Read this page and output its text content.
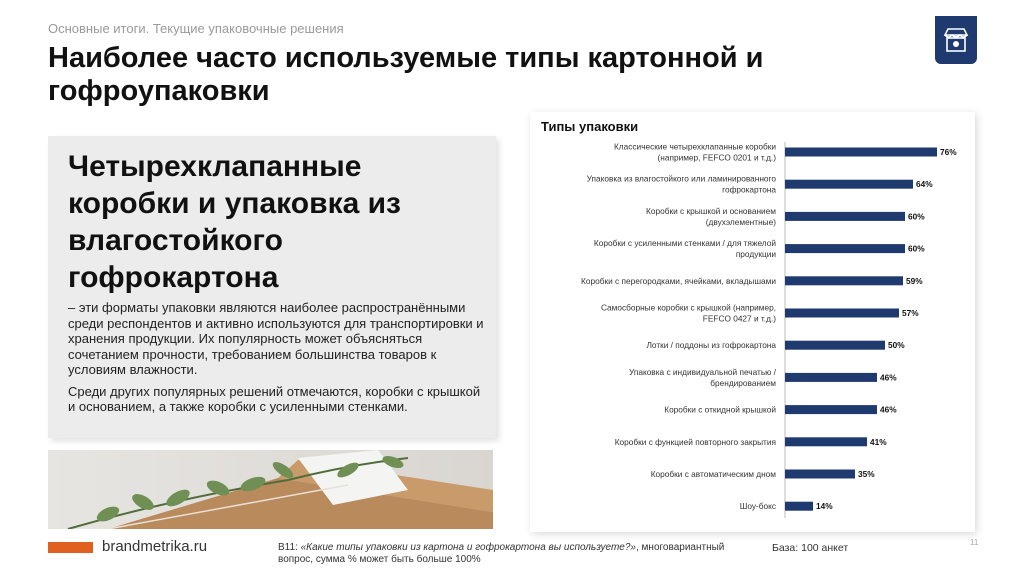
Основные итоги. Текущие упаковочные решения
Наиболее часто используемые типы картонной и гофроупаковки
Четырехклапанные коробки и упаковка из влагостойкого гофрокартона

– эти форматы упаковки являются наиболее распространёнными среди респондентов и активно используются для транспортировки и хранения продукции. Их популярность может объясняться сочетанием прочности, требованием большинства товаров к условиям влажности.

Среди других популярных решений отмечаются, коробки с крышкой и основанием, а также коробки с усиленными стенками.

brandmetrika.ru	B11: «Какие типы упаковки из картона и гофрокартона вы используете?», многовариантный вопрос, сумма % может быть больше 100%
База: 100 анкет	11
Типы упаковки
Классические четырехклапанные коробки
(например, FEFCO 0201 и т.д.)
76%
Упаковка из влагостойкого или ламинированного
гофрокартона
64%
Коробки с крышкой и основанием
(двухэлементные)
60%
Коробки с усиленными стенками / для тяжелой
продукции
60%
Коробки с перегородками, ячейками, вкладышами	59%
Самосборные коробки с крышкой (например,
FEFCO 0427 и т.д.)
57%
Лотки / поддоны из гофрокартона	50%
Упаковка с индивидуальной печатью /
брендированием
46%
Коробки с откидной крышкой	46%
Коробки с функцией повторного закрытия	41%
Коробки с автоматическим дном	35%
Шоу-бокс	14%
